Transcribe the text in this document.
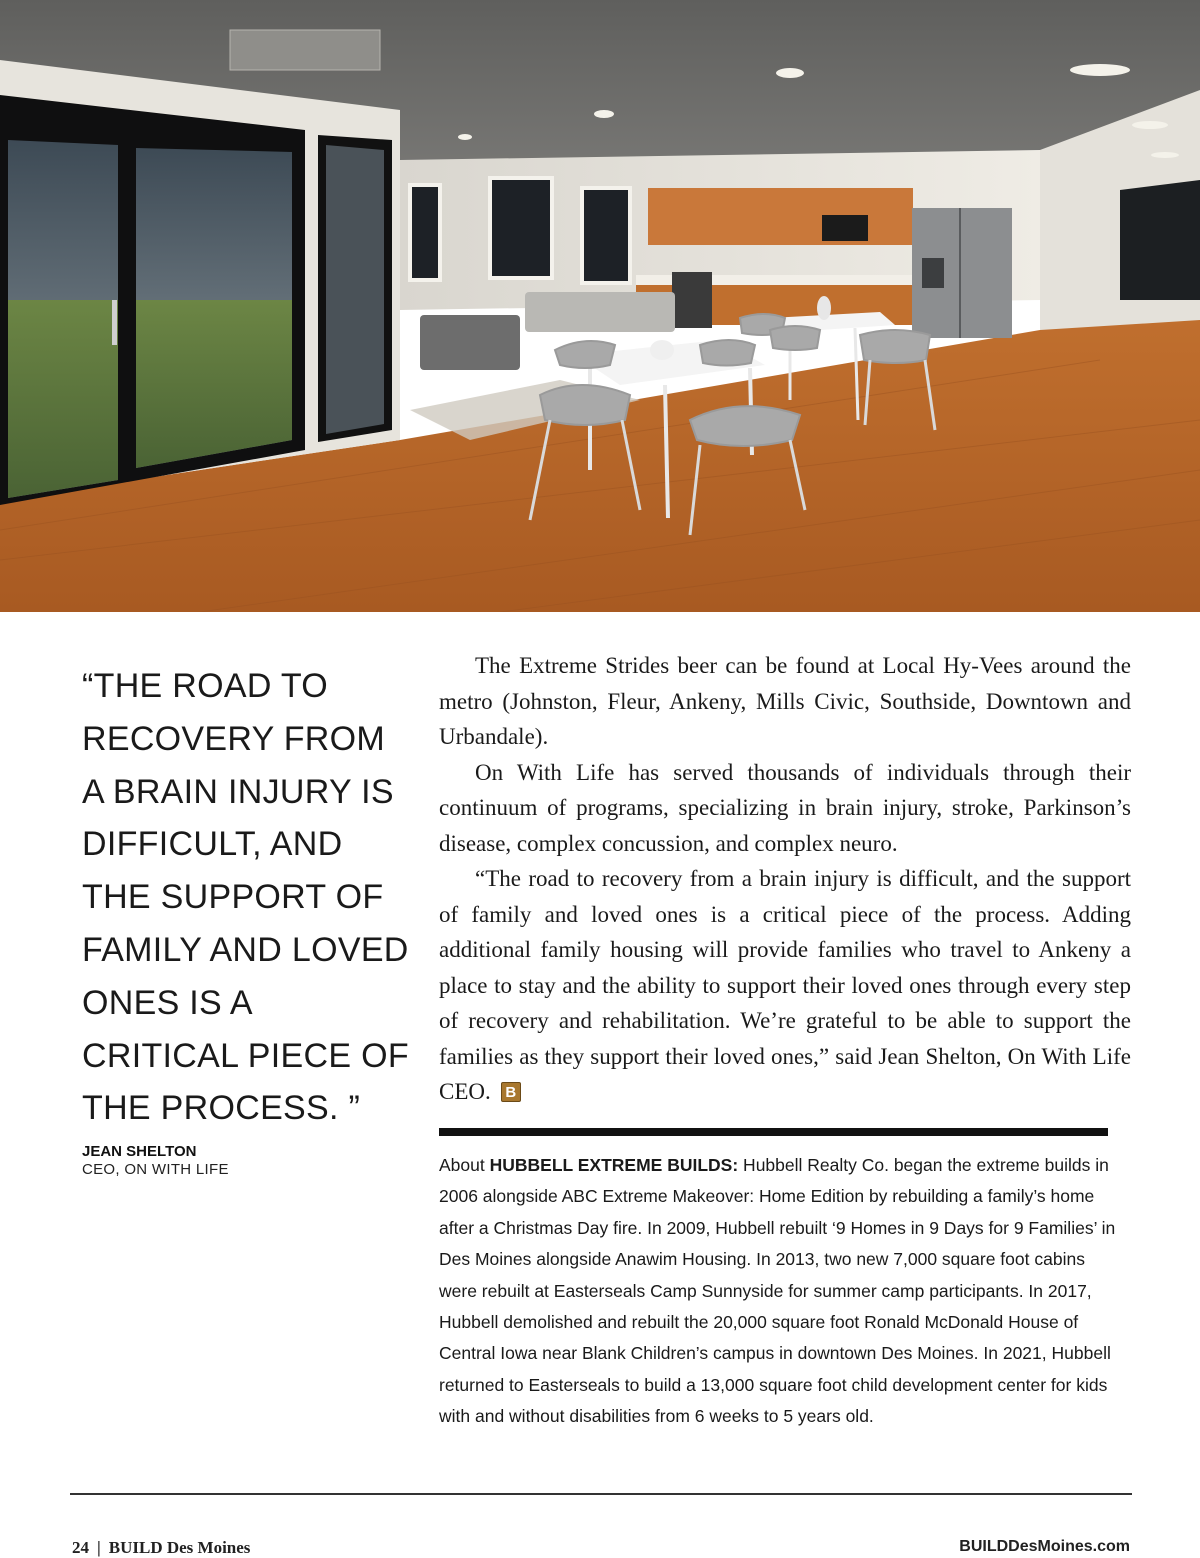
“THE ROAD TO RECOVERY FROM A BRAIN INJURY IS DIFFICULT, AND THE SUPPORT OF FAMILY AND LOVED ONES IS A CRITICAL PIECE OF THE PROCESS. ”

JEAN SHELTON
CEO, ON WITH LIFE

The Extreme Strides beer can be found at Local Hy-Vees around the metro (Johnston, Fleur, Ankeny, Mills Civic, Southside, Downtown and Urbandale).

On With Life has served thousands of individuals through their continuum of programs, specializing in brain injury, stroke, Parkinson’s disease, complex concussion, and complex neuro.

“The road to recovery from a brain injury is difficult, and the support of family and loved ones is a critical piece of the process. Adding additional family housing will provide families who travel to Ankeny a place to stay and the ability to support their loved ones through every step of recovery and rehabilitation. We’re grateful to be able to support the families as they support their loved ones,” said Jean Shelton, On With Life CEO. B

About HUBBELL EXTREME BUILDS: Hubbell Realty Co. began the extreme builds in 2006 alongside ABC Extreme Makeover: Home Edition by rebuilding a family’s home after a Christmas Day fire. In 2009, Hubbell rebuilt ‘9 Homes in 9 Days for 9 Families’ in Des Moines alongside Anawim Housing. In 2013, two new 7,000 square foot cabins were rebuilt at Easterseals Camp Sunnyside for summer camp participants. In 2017, Hubbell demolished and rebuilt the 20,000 square foot Ronald McDonald House of Central Iowa near Blank Children’s campus in downtown Des Moines. In 2021, Hubbell returned to Easterseals to build a 13,000 square foot child development center for kids with and without disabilities from 6 weeks to 5 years old.

24 | BUILD Des Moines	BUILDDesMoines.com
